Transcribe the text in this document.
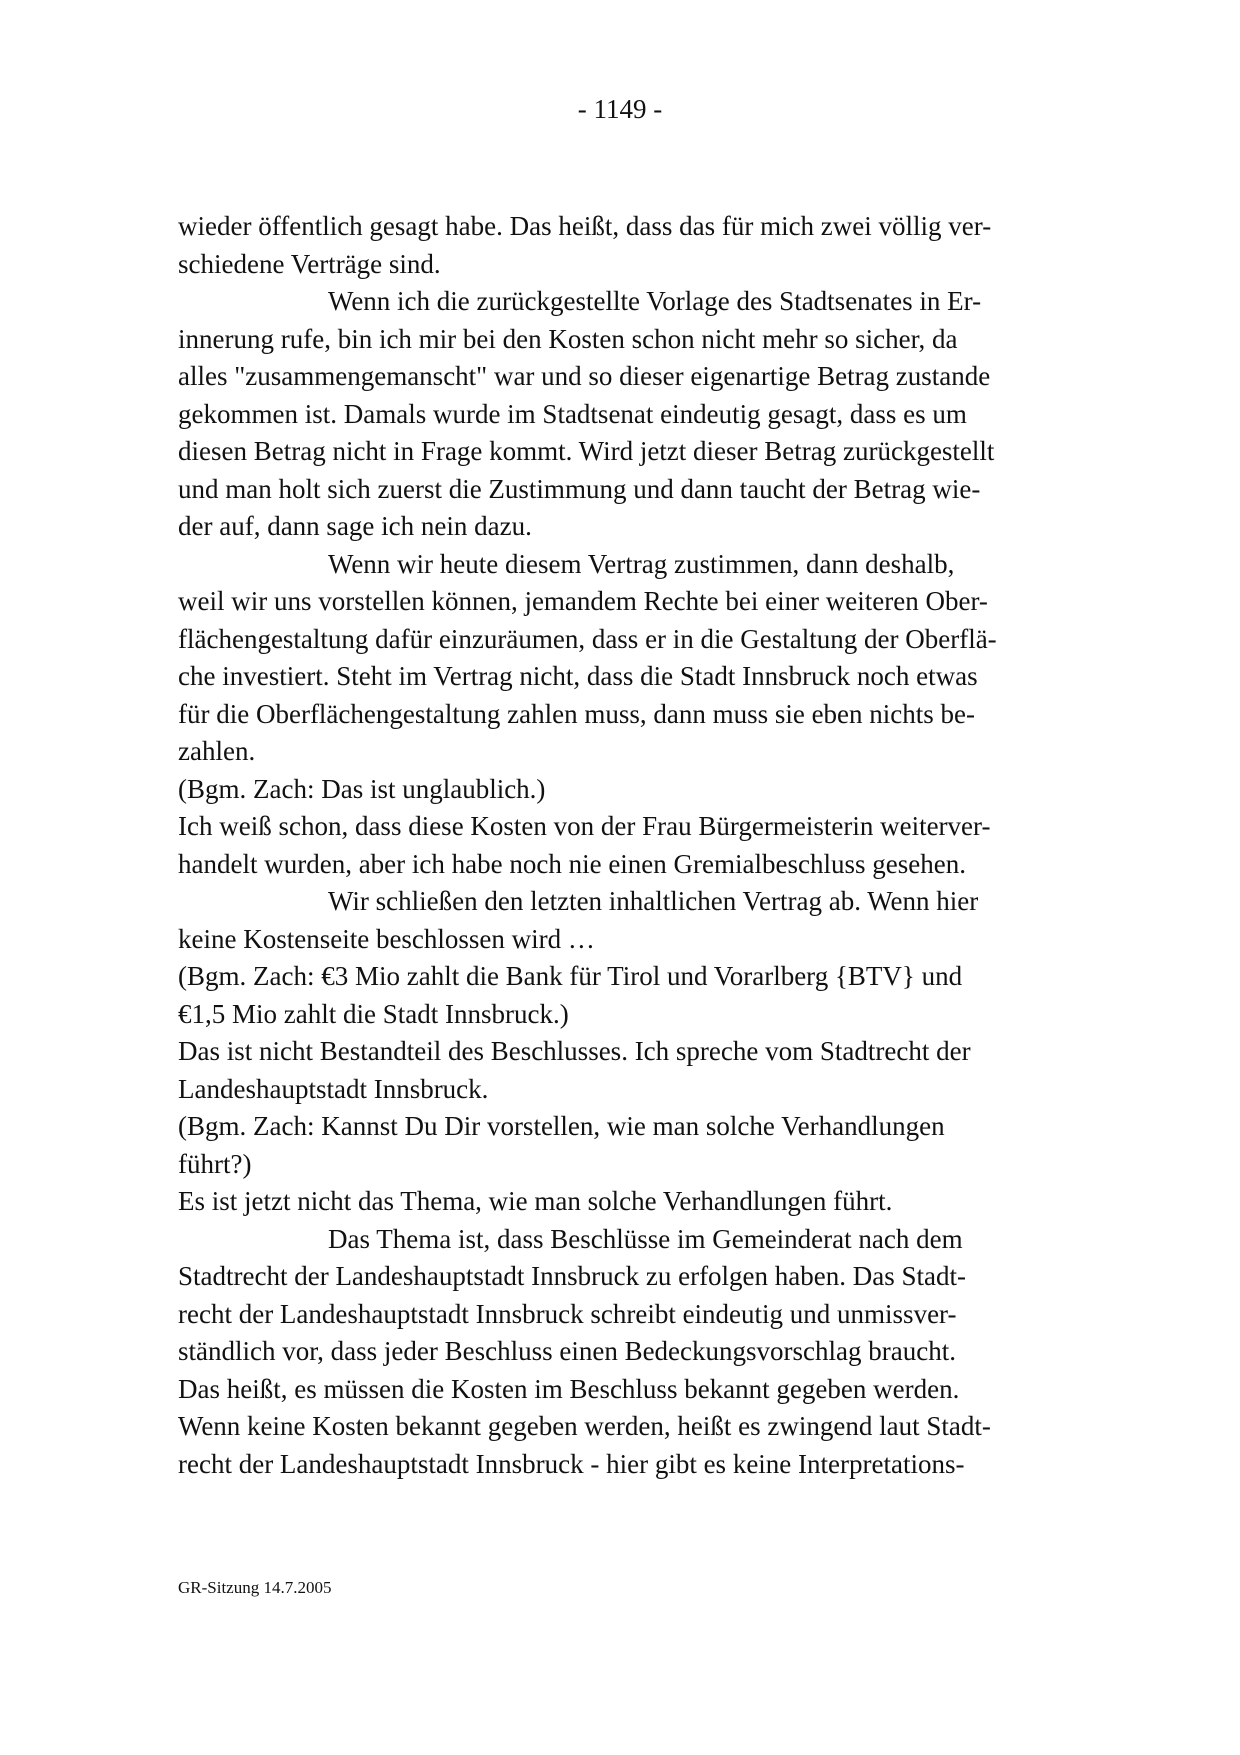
- 1149 -
wieder öffentlich gesagt habe. Das heißt, dass das für mich zwei völlig ver-
schiedene Verträge sind.
Wenn ich die zurückgestellte Vorlage des Stadtsenates in Er-
innerung rufe, bin ich mir bei den Kosten schon nicht mehr so sicher, da
alles "zusammengemanscht" war und so dieser eigenartige Betrag zustande
gekommen ist. Damals wurde im Stadtsenat eindeutig gesagt, dass es um
diesen Betrag nicht in Frage kommt. Wird jetzt dieser Betrag zurückgestellt
und man holt sich zuerst die Zustimmung und dann taucht der Betrag wie-
der auf, dann sage ich nein dazu.
Wenn wir heute diesem Vertrag zustimmen, dann deshalb,
weil wir uns vorstellen können, jemandem Rechte bei einer weiteren Ober-
flächengestaltung dafür einzuräumen, dass er in die Gestaltung der Oberflä-
che investiert. Steht im Vertrag nicht, dass die Stadt Innsbruck noch etwas
für die Oberflächengestaltung zahlen muss, dann muss sie eben nichts be-
zahlen.
(Bgm. Zach: Das ist unglaublich.)
Ich weiß schon, dass diese Kosten von der Frau Bürgermeisterin weiterver-
handelt wurden, aber ich habe noch nie einen Gremialbeschluss gesehen.
Wir schließen den letzten inhaltlichen Vertrag ab. Wenn hier
keine Kostenseite beschlossen wird …
(Bgm. Zach: €3 Mio zahlt die Bank für Tirol und Vorarlberg {BTV} und
€1,5 Mio zahlt die Stadt Innsbruck.)
Das ist nicht Bestandteil des Beschlusses. Ich spreche vom Stadtrecht der
Landeshauptstadt Innsbruck.
(Bgm. Zach: Kannst Du Dir vorstellen, wie man solche Verhandlungen
führt?)
Es ist jetzt nicht das Thema, wie man solche Verhandlungen führt.
Das Thema ist, dass Beschlüsse im Gemeinderat nach dem
Stadtrecht der Landeshauptstadt Innsbruck zu erfolgen haben. Das Stadt-
recht der Landeshauptstadt Innsbruck schreibt eindeutig und unmissver-
ständlich vor, dass jeder Beschluss einen Bedeckungsvorschlag braucht.
Das heißt, es müssen die Kosten im Beschluss bekannt gegeben werden.
Wenn keine Kosten bekannt gegeben werden, heißt es zwingend laut Stadt-
recht der Landeshauptstadt Innsbruck - hier gibt es keine Interpretations-
GR-Sitzung 14.7.2005
